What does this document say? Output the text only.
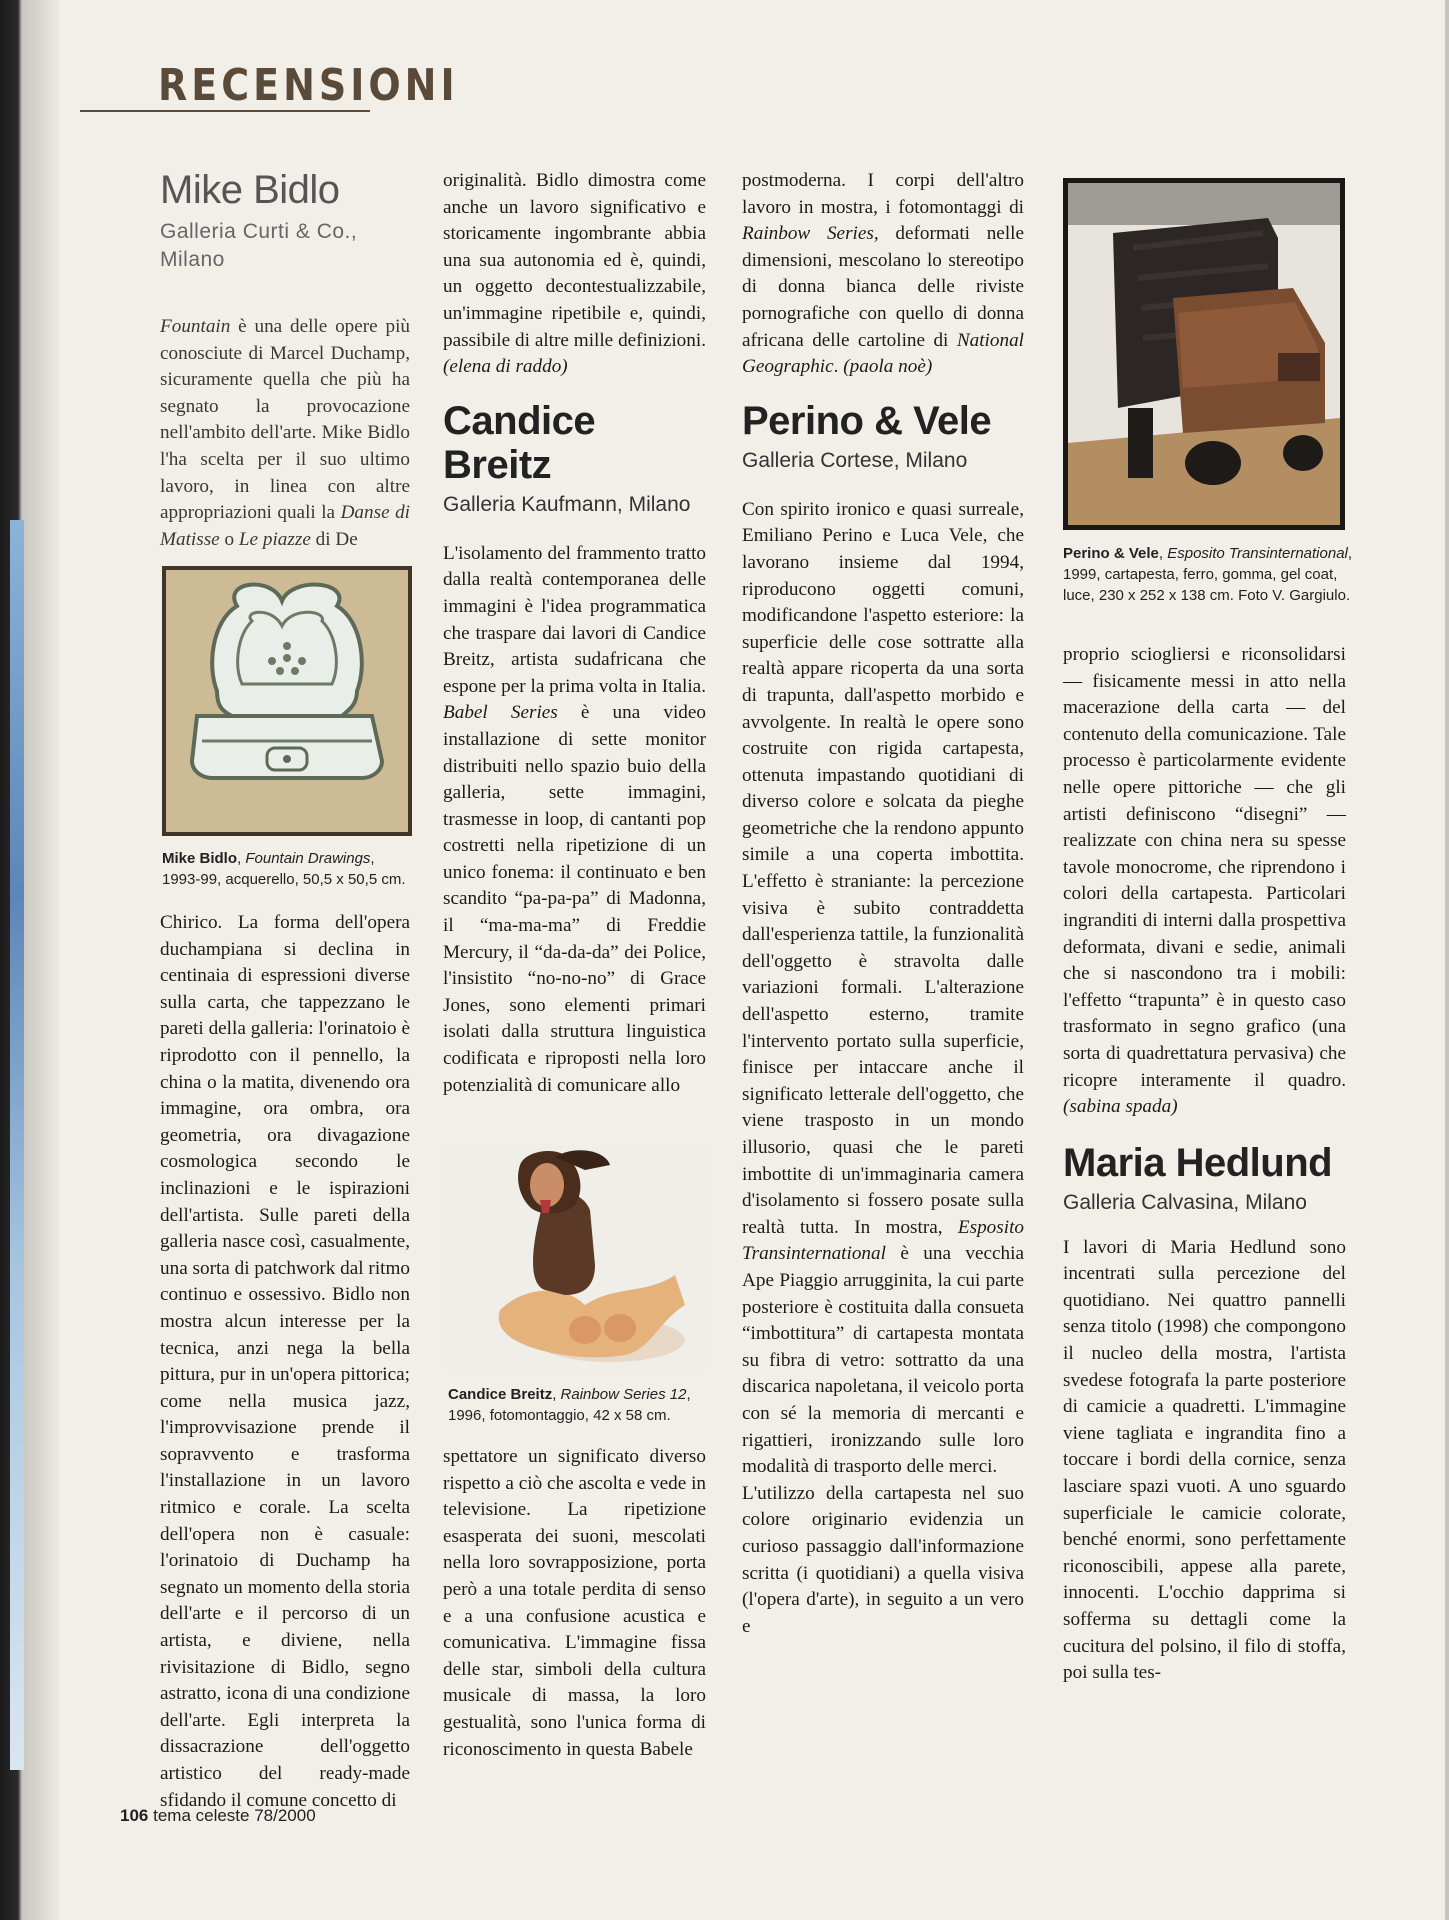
RECENSIONI
Mike Bidlo

Galleria Curti & Co.,
Milano

Fountain è una delle opere più conosciute di Marcel Duchamp, sicuramente quella che più ha segnato la provocazione nell'ambito dell'arte. Mike Bidlo l'ha scelta per il suo ultimo lavoro, in linea con altre appropriazioni quali la Danse di Matisse o Le piazze di De

Mike Bidlo, Fountain Drawings,
1993-99, acquerello, 50,5 x 50,5 cm.

Chirico. La forma dell'opera duchampiana si declina in centinaia di espressioni diverse sulla carta, che tappezzano le pareti della galleria: l'orinatoio è riprodotto con il pennello, la china o la matita, divenendo ora immagine, ora ombra, ora geometria, ora divagazione cosmologica secondo le inclinazioni e le ispirazioni dell'artista. Sulle pareti della galleria nasce così, casualmente, una sorta di patchwork dal ritmo continuo e ossessivo. Bidlo non mostra alcun interesse per la tecnica, anzi nega la bella pittura, pur in un'opera pittorica; come nella musica jazz, l'improvvisazione prende il sopravvento e trasforma l'installazione in un lavoro ritmico e corale. La scelta dell'opera non è casuale: l'orinatoio di Duchamp ha segnato un momento della storia dell'arte e il percorso di un artista, e diviene, nella rivisitazione di Bidlo, segno astratto, icona di una condizione dell'arte. Egli interpreta la dissacrazione dell'oggetto artistico del ready-made sfidando il comune concetto di

originalità. Bidlo dimostra come anche un lavoro significativo e storicamente ingombrante abbia una sua autonomia ed è, quindi, un oggetto decontestualizzabile, un'immagine ripetibile e, quindi, passibile di altre mille definizioni. (elena di raddo)

Candice Breitz

Galleria Kaufmann, Milano

L'isolamento del frammento tratto dalla realtà contemporanea delle immagini è l'idea programmatica che traspare dai lavori di Candice Breitz, artista sudafricana che espone per la prima volta in Italia. Babel Series è una video installazione di sette monitor distribuiti nello spazio buio della galleria, sette immagini, trasmesse in loop, di cantanti pop costretti nella ripetizione di un unico fonema: il continuato e ben scandito “pa-pa-pa” di Madonna, il “ma-ma-ma” di Freddie Mercury, il “da-da-da” dei Police, l'insistito “no-no-no” di Grace Jones, sono elementi primari isolati dalla struttura linguistica codificata e riproposti nella loro potenzialità di comunicare allo

Candice Breitz, Rainbow Series 12,
1996, fotomontaggio, 42 x 58 cm.

spettatore un significato diverso rispetto a ciò che ascolta e vede in televisione. La ripetizione esasperata dei suoni, mescolati nella loro sovrapposizione, porta però a una totale perdita di senso e a una confusione acustica e comunicativa. L'immagine fissa delle star, simboli della cultura musicale di massa, la loro gestualità, sono l'unica forma di riconoscimento in questa Babele

postmoderna. I corpi dell'altro lavoro in mostra, i fotomontaggi di Rainbow Series, deformati nelle dimensioni, mescolano lo stereotipo di donna bianca delle riviste pornografiche con quello di donna africana delle cartoline di National Geographic. (paola noè)

Perino & Vele

Galleria Cortese, Milano

Con spirito ironico e quasi surreale, Emiliano Perino e Luca Vele, che lavorano insieme dal 1994, riproducono oggetti comuni, modificandone l'aspetto esteriore: la superficie delle cose sottratte alla realtà appare ricoperta da una sorta di trapunta, dall'aspetto morbido e avvolgente. In realtà le opere sono costruite con rigida cartapesta, ottenuta impastando quotidiani di diverso colore e solcata da pieghe geometriche che la rendono appunto simile a una coperta imbottita. L'effetto è straniante: la percezione visiva è subito contraddetta dall'esperienza tattile, la funzionalità dell'oggetto è stravolta dalle variazioni formali. L'alterazione dell'aspetto esterno, tramite l'intervento portato sulla superficie, finisce per intaccare anche il significato letterale dell'oggetto, che viene trasposto in un mondo illusorio, quasi che le pareti imbottite di un'immaginaria camera d'isolamento si fossero posate sulla realtà tutta. In mostra, Esposito Transinternational è una vecchia Ape Piaggio arrugginita, la cui parte posteriore è costituita dalla consueta “imbottitura” di cartapesta montata su fibra di vetro: sottratto da una discarica napoletana, il veicolo porta con sé la memoria di mercanti e rigattieri, ironizzando sulle loro modalità di trasporto delle merci.

L'utilizzo della cartapesta nel suo colore originario evidenzia un curioso passaggio dall'informazione scritta (i quotidiani) a quella visiva (l'opera d'arte), in seguito a un vero e

Perino & Vele, Esposito Transinternational, 1999, cartapesta, ferro, gomma, gel coat, luce, 230 x 252 x 138 cm. Foto V. Gargiulo.

proprio sciogliersi e riconsolidarsi — fisicamente messi in atto nella macerazione della carta — del contenuto della comunicazione. Tale processo è particolarmente evidente nelle opere pittoriche — che gli artisti definiscono “disegni” — realizzate con china nera su spesse tavole monocrome, che riprendono i colori della cartapesta. Particolari ingranditi di interni dalla prospettiva deformata, divani e sedie, animali che si nascondono tra i mobili: l'effetto “trapunta” è in questo caso trasformato in segno grafico (una sorta di quadrettatura pervasiva) che ricopre interamente il quadro. (sabina spada)

Maria Hedlund

Galleria Calvasina, Milano

I lavori di Maria Hedlund sono incentrati sulla percezione del quotidiano. Nei quattro pannelli senza titolo (1998) che compongono il nucleo della mostra, l'artista svedese fotografa la parte posteriore di camicie a quadretti. L'immagine viene tagliata e ingrandita fino a toccare i bordi della cornice, senza lasciare spazi vuoti. A uno sguardo superficiale le camicie colorate, benché enormi, sono perfettamente riconoscibili, appese alla parete, innocenti. L'occhio dapprima si sofferma su dettagli come la cucitura del polsino, il filo di stoffa, poi sulla tes-

106 tema celeste 78/2000
